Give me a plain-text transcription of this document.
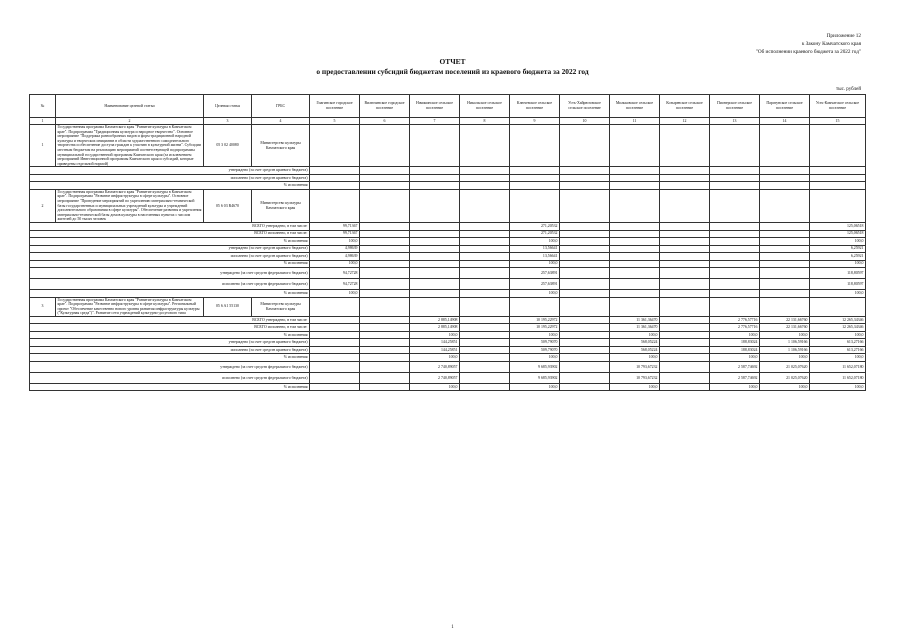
Приложение 12
к Закону Камчатского края
"Об исполнении краевого бюджета за 2022 год"
ОТЧЕТ
о предоставлении субсидий бюджетам поселений из краевого бюджета за 2022 год
тыс. рублей
№	Наименование целевой статьи	Целевая статья	ГРБС	Гиагинское городское поселение	Вилючинское городское поселение	Начикинское сельское поселение	Никольское сельское поселение	Ключевское сельское поселение	Усть-Хайрюзовское сельское поселение	Мильковское сельское поселение	Козыревское сельское поселение	Пионерское сельское поселение	Паратунское сельское поселение	Усть-Камчатское сельское поселение
1	2	3	4	5	6	7	8	9	10	11	12	13	14	15
1	Государственная программа Камчатского края "Развитие культуры в Камчатском крае". Подпрограмма "Традиционная культура и народное творчество". Основное мероприятие "Поддержка разнообразных видов и форм традиционной народной культуры и творческих инициатив в области художественного самодеятельного творчества и обеспечение доступа граждан к участию в культурной жизни". Субсидии местным бюджетам на реализацию мероприятий соответствующей подпрограммы муниципальной государственной программы Камчатского края (за исключением мероприятий Инвестиционной программы Камчатского края и субсидий, которые приведены отдельной нормой)	05 3 02 40080	Министерство культуры Камчатского края											
утверждено (за счет средств краевого бюджета)														
исполнено (за счет средств краевого бюджета)														
% исполнения														
2	Государственная программа Камчатского края "Развитие культуры в Камчатском крае". Подпрограмма "Развитие инфраструктуры в сфере культуры". Основное мероприятие "Проведение мероприятий по укреплению материально-технической базы государственных и муниципальных учреждений культуры и учреждений дополнительного образования в сфере культуры". Обеспечение развития и укрепления материально-технической базы домов культуры в населенных пунктах с числом жителей до 50 тысяч человек	05 6 03 R4670	Министерство культуры Камчатского края											
ВСЕГО утверждено, в том числе:				99,71367				271,20532						125,06518
ВСЕГО исполнено, в том числе:				99,71367				271,20532						125,06518
% исполнения				100,0				100,0						100,0
утверждено (за счет средств краевого бюджета)				4,98639				13,56641						6,25921
исполнено (за счет средств краевого бюджета)				4,98639				13,56641						6,25921
% исполнения				100,0				100,0						100,0
утверждено (за счет средств федерального бюджета)				94,72728				257,63891						118,80597
исполнено (за счет средств федерального бюджета)				94,72728				257,63891						118,80597
% исполнения				100,0				100,0						100,0
3	Государственная программа Камчатского края "Развитие культуры в Камчатском крае". Подпрограмма "Развитие инфраструктуры в сфере культуры". Региональный проект "Обеспечение качественно нового уровня развития инфраструктуры культуры ("Культурная среда")". Развитие сети учреждений культурно-досугового типа	05 6 A1 55130	Министерство культуры Камчатского края											
ВСЕГО утверждено, в том числе:						2 885,14908		10 195,22972		11 361,36470		2 776,57716	22 131,66760	12 265,34346
ВСЕГО исполнено, в том числе:						2 885,14908		10 195,22972		11 361,36470		2 776,57716	22 131,66760	12 265,34346
% исполнения						100,0		100,0		100,0		100,0	100,0	100,0
утверждено (за счет средств краевого бюджета)						144,25851		509,79070		568,05224		188,83024	1 106,59166	613,27166
исполнено (за счет средств краевого бюджета)						144,25851		509,79070		568,05224		188,83024	1 106,59166	613,27166
% исполнения						100,0		100,0		100,0		100,0	100,0	100,0
утверждено (за счет средств федерального бюджета)						2 740,89057		9 685,93902		10 793,67232		2 587,74692	21 025,07620	11 652,07180
исполнено (за счет средств федерального бюджета)						2 740,89057		9 685,93902		10 793,67232		2 587,74692	21 025,07620	11 652,07180
% исполнения						100,0		100,0		100,0		100,0	100,0	100,0
1
